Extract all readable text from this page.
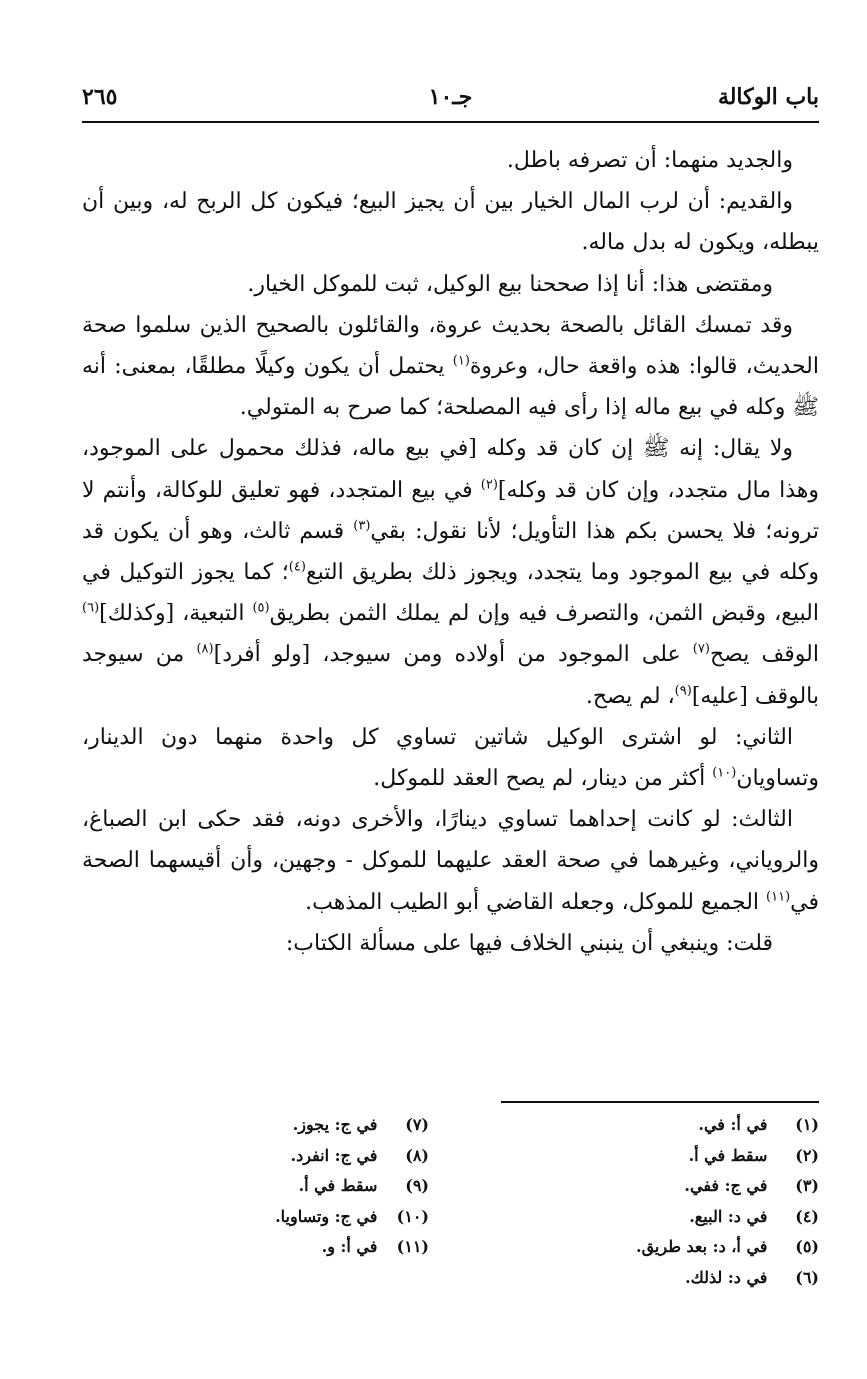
باب الوكالة
جـ١٠
٢٦٥

والجديد منهما: أن تصرفه باطل.

والقديم: أن لرب المال الخيار بين أن يجيز البيع؛ فيكون كل الربح له، وبين أن يبطله، ويكون له بدل ماله.

ومقتضى هذا: أنا إذا صححنا بيع الوكيل، ثبت للموكل الخيار.

وقد تمسك القائل بالصحة بحديث عروة، والقائلون بالصحيح الذين سلموا صحة الحديث، قالوا: هذه واقعة حال، وعروة$^{(١)}$ يحتمل أن يكون وكيلًا مطلقًا، بمعنى: أنه ﷺ وكله في بيع ماله إذا رأى فيه المصلحة؛ كما صرح به المتولي.

ولا يقال: إنه ﷺ إن كان قد وكله [في بيع ماله، فذلك محمول على الموجود، وهذا مال متجدد، وإن كان قد وكله]$^{(٢)}$ في بيع المتجدد، فهو تعليق للوكالة، وأنتم لا ترونه؛ فلا يحسن بكم هذا التأويل؛ لأنا نقول: بقي$^{(٣)}$ قسم ثالث، وهو أن يكون قد وكله في بيع الموجود وما يتجدد، ويجوز ذلك بطريق التبع$^{(٤)}$؛ كما يجوز التوكيل في البيع، وقبض الثمن، والتصرف فيه وإن لم يملك الثمن بطريق$^{(٥)}$ التبعية، [وكذلك]$^{(٦)}$ الوقف يصح$^{(٧)}$ على الموجود من أولاده ومن سيوجد، [ولو أفرد]$^{(٨)}$ من سيوجد بالوقف [عليه]$^{(٩)}$، لم يصح.

الثاني: لو اشترى الوكيل شاتين تساوي كل واحدة منهما دون الدينار، وتساويان$^{(١٠)}$ أكثر من دينار، لم يصح العقد للموكل.

الثالث: لو كانت إحداهما تساوي دينارًا، والأخرى دونه، فقد حكى ابن الصباغ، والروياني، وغيرهما في صحة العقد عليهما للموكل - وجهين، وأن أقيسهما الصحة في$^{(١١)}$ الجميع للموكل، وجعله القاضي أبو الطيب المذهب.

قلت: وينبغي أن ينبني الخلاف فيها على مسألة الكتاب:

(١) في أ: في.
(٢) سقط في أ.
(٣) في ج: ففي.
(٤) في د: البيع.
(٥) في أ، د: بعد طريق.
(٦) في د: لذلك.
(٧) في ج: يجوز.
(٨) في ج: انفرد.
(٩) سقط في أ.
(١٠) في ج: وتساويا.
(١١) في أ: و.
